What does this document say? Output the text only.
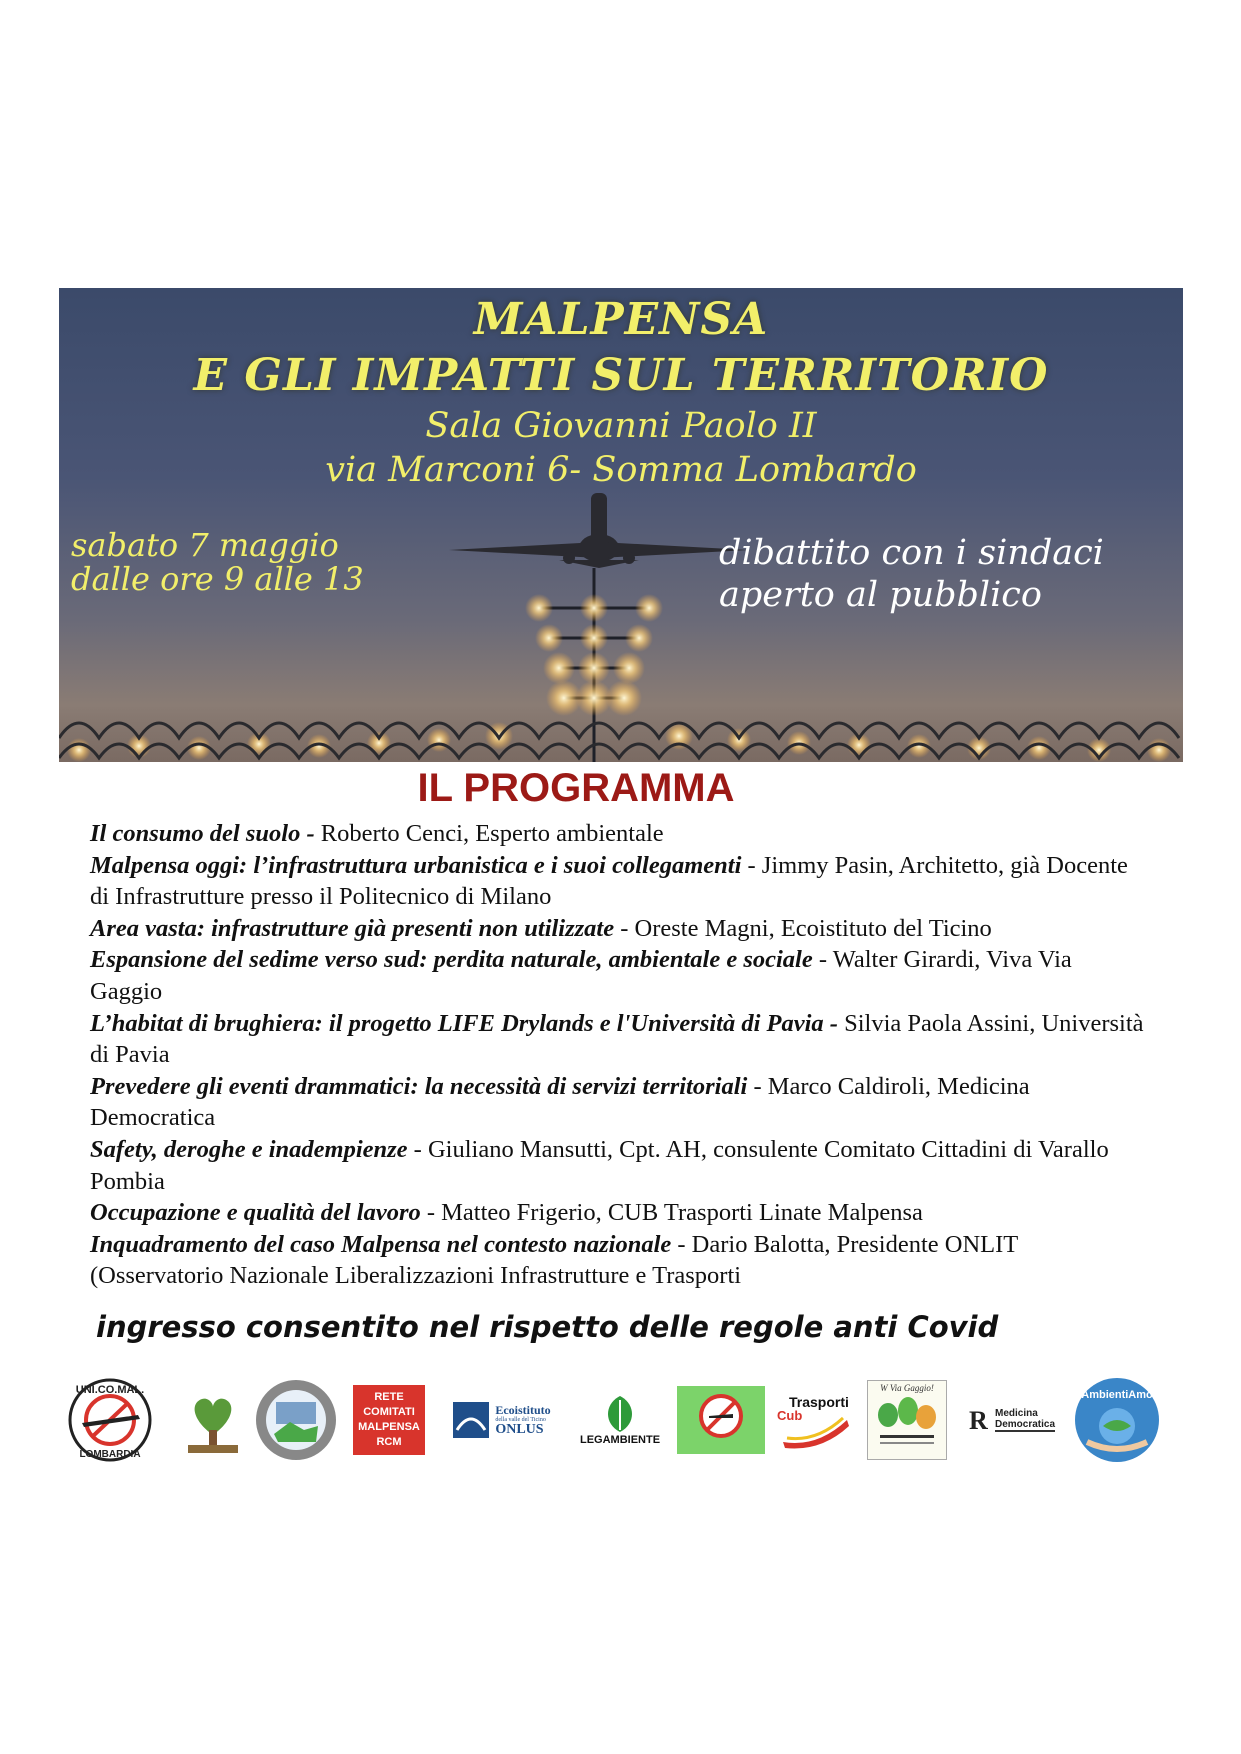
MALPENSA
E GLI IMPATTI SUL TERRITORIO
Sala Giovanni Paolo II
via Marconi 6- Somma Lombardo
sabato 7 maggio
dalle ore 9 alle 13
dibattito con i sindaci
aperto al pubblico
IL PROGRAMMA
Il consumo del suolo - Roberto Cenci, Esperto ambientale
Malpensa oggi: l’infrastruttura urbanistica e i suoi collegamenti - Jimmy Pasin, Architetto, già Docente di Infrastrutture presso il Politecnico di Milano
Area vasta: infrastrutture già presenti non utilizzate - Oreste Magni, Ecoistituto del Ticino
Espansione del sedime verso sud: perdita naturale, ambientale e sociale - Walter Girardi, Viva Via Gaggio
L’habitat di brughiera: il progetto LIFE Drylands e l'Università di Pavia - Silvia Paola Assini, Università di Pavia
Prevedere gli eventi drammatici: la necessità di servizi territoriali - Marco Caldiroli, Medicina Democratica
Safety, deroghe e inadempienze - Giuliano Mansutti, Cpt. AH, consulente Comitato Cittadini di Varallo Pombia
Occupazione e qualità del lavoro - Matteo Frigerio, CUB Trasporti Linate Malpensa
Inquadramento del caso Malpensa nel contesto nazionale - Dario Balotta, Presidente ONLIT (Osservatorio Nazionale Liberalizzazioni Infrastrutture e Trasporti
ingresso consentito nel rispetto delle regole anti Covid
UNI.CO.MAL.
LOMBARDIA
RETE
COMITATI
MALPENSA
RCM
Ecoistituto
della valle del Ticino
ONLUS
LEGAMBIENTE
Trasporti
Cub
W Via Gaggio!
R Medicina
Democratica
AmbientiAmo
